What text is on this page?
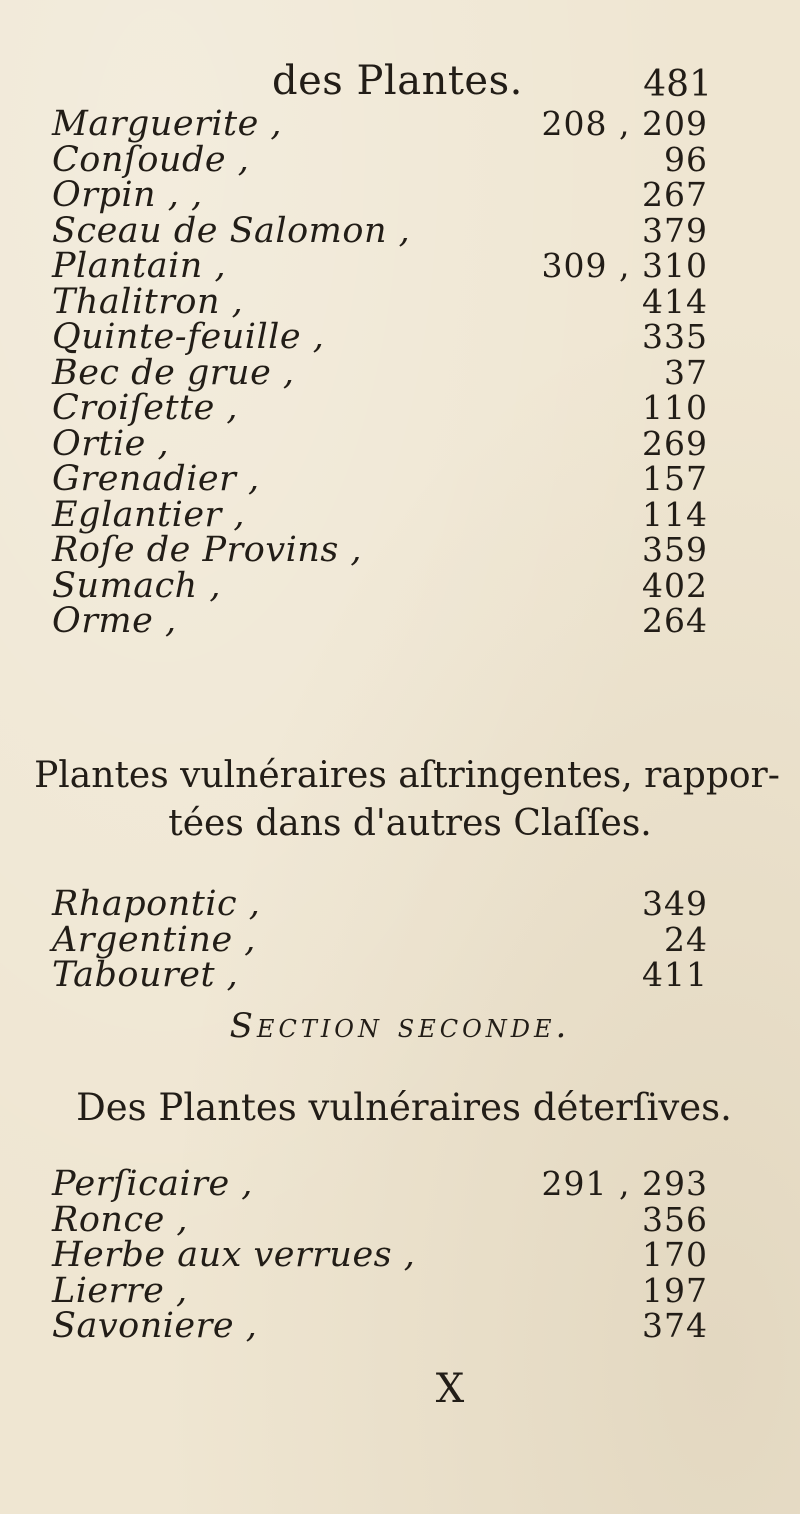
des Plantes.	481
Marguerite ,	208 , 209
Conſoude ,	96
Orpin , ,	267
Sceau de Salomon ,	379
Plantain ,	309 , 310
Thalitron ,	414
Quinte-feuille ,	335
Bec de grue ,	37
Croiſette ,	110
Ortie ,	269
Grenadier ,	157
Eglantier ,	114
Roſe de Provins ,	359
Sumach ,	402
Orme ,	264
Plantes vulnéraires aſtringentes, rappor-
tées dans d'autres Claſſes.
Rhapontic ,	349
Argentine ,	24
Tabouret ,	411
Section seconde.
Des Plantes vulnéraires déterſives.
Perſicaire ,	291 , 293
Ronce ,	356
Herbe aux verrues ,	170
Lierre ,	197
Savoniere ,	374
X
